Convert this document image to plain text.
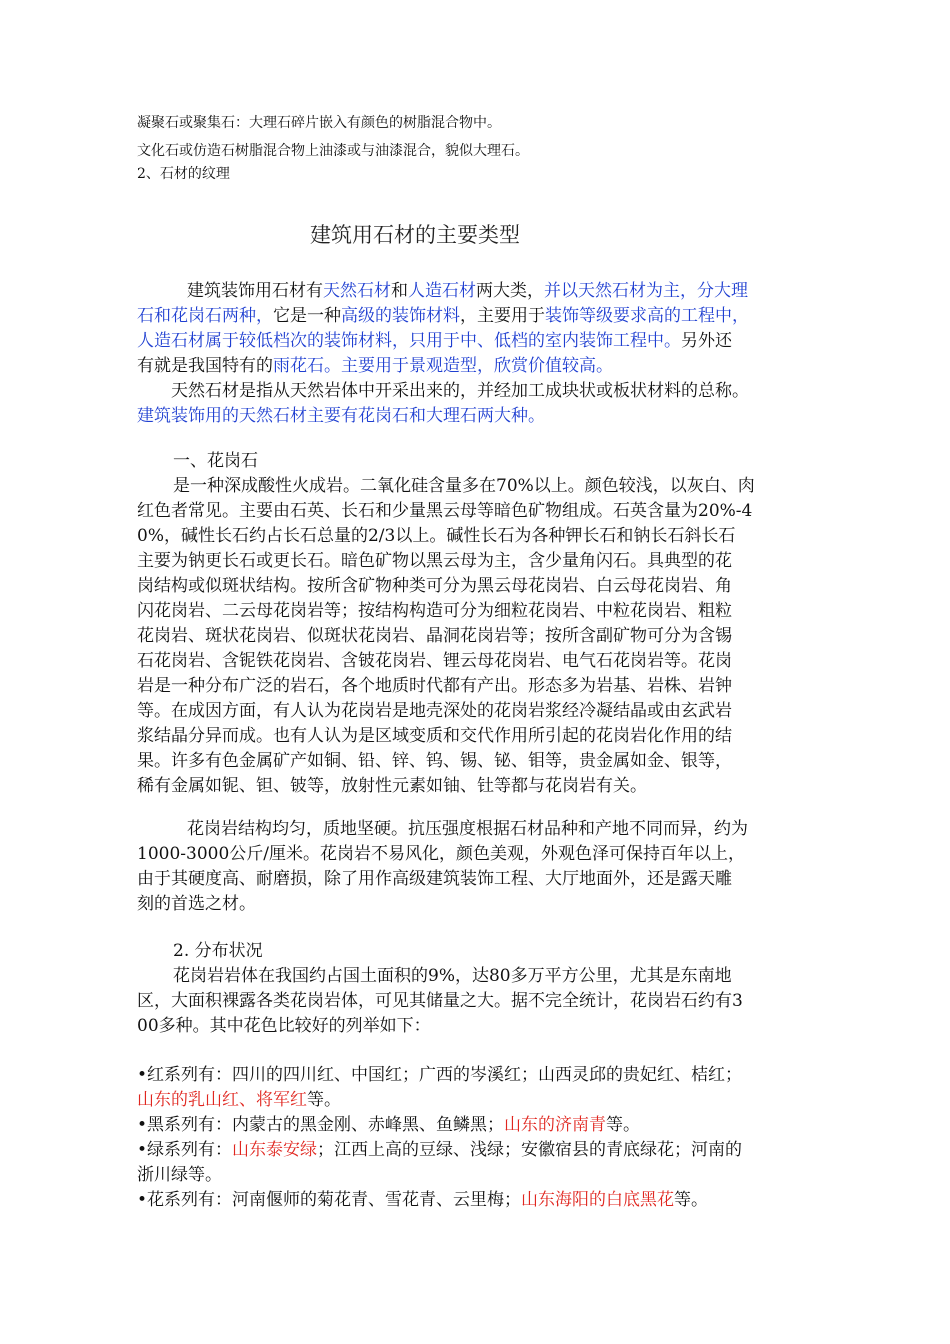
凝聚石或聚集石：大理石碎片嵌入有颜色的树脂混合物中。
文化石或仿造石树脂混合物上油漆或与油漆混合，貌似大理石。
2、石材的纹理
建筑用石材的主要类型
建筑装饰用石材有天然石材和人造石材两大类，并以天然石材为主，分大理
石和花岗石两种，它是一种高级的装饰材料，主要用于装饰等级要求高的工程中，
人造石材属于较低档次的装饰材料，只用于中、低档的室内装饰工程中。另外还
有就是我国特有的雨花石。主要用于景观造型，欣赏价值较高。
天然石材是指从天然岩体中开采出来的，并经加工成块状或板状材料的总称。
建筑装饰用的天然石材主要有花岗石和大理石两大种。
一、花岗石
是一种深成酸性火成岩。二氧化硅含量多在70%以上。颜色较浅，以灰白、肉
红色者常见。主要由石英、长石和少量黑云母等暗色矿物组成。石英含量为20%-4
0%，碱性长石约占长石总量的2/3以上。碱性长石为各种钾长石和钠长石斜长石
主要为钠更长石或更长石。暗色矿物以黑云母为主，含少量角闪石。具典型的花
岗结构或似斑状结构。按所含矿物种类可分为黑云母花岗岩、白云母花岗岩、角
闪花岗岩、二云母花岗岩等；按结构构造可分为细粒花岗岩、中粒花岗岩、粗粒
花岗岩、斑状花岗岩、似斑状花岗岩、晶洞花岗岩等；按所含副矿物可分为含锡
石花岗岩、含铌铁花岗岩、含铍花岗岩、锂云母花岗岩、电气石花岗岩等。花岗
岩是一种分布广泛的岩石，各个地质时代都有产出。形态多为岩基、岩株、岩钟
等。在成因方面，有人认为花岗岩是地壳深处的花岗岩浆经冷凝结晶或由玄武岩
浆结晶分异而成。也有人认为是区域变质和交代作用所引起的花岗岩化作用的结
果。许多有色金属矿产如铜、铅、锌、钨、锡、铋、钼等，贵金属如金、银等，
稀有金属如铌、钽、铍等，放射性元素如铀、钍等都与花岗岩有关。
花岗岩结构均匀，质地坚硬。抗压强度根据石材品种和产地不同而异，约为
1000-3000公斤/厘米。花岗岩不易风化，颜色美观，外观色泽可保持百年以上，
由于其硬度高、耐磨损，除了用作高级建筑装饰工程、大厅地面外，还是露天雕
刻的首选之材。
2. 分布状况
花岗岩岩体在我国约占国土面积的9%，达80多万平方公里，尤其是东南地
区，大面积裸露各类花岗岩体，可见其储量之大。据不完全统计，花岗岩石约有3
00多种。其中花色比较好的列举如下：
•红系列有：四川的四川红、中国红；广西的岑溪红；山西灵邱的贵妃红、桔红；
山东的乳山红、将军红等。
•黑系列有：内蒙古的黑金刚、赤峰黑、鱼鳞黑；山东的济南青等。
•绿系列有：山东泰安绿；江西上高的豆绿、浅绿；安徽宿县的青底绿花；河南的
浙川绿等。
•花系列有：河南偃师的菊花青、雪花青、云里梅；山东海阳的白底黑花等。
